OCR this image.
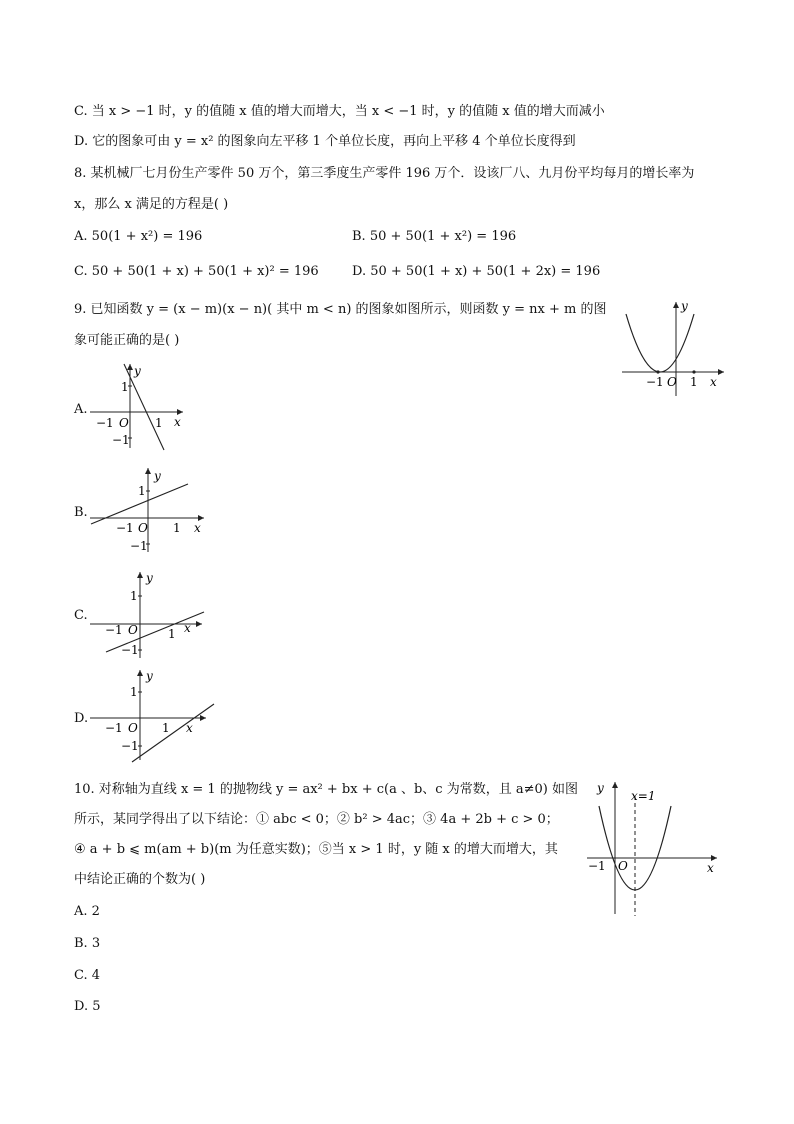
C. 当 x > −1 时，y 的值随 x 值的增大而增大，当 x < −1 时，y 的值随 x 值的增大而减小
D. 它的图象可由 y = x² 的图象向左平移 1 个单位长度，再向上平移 4 个单位长度得到
8. 某机械厂七月份生产零件 50 万个，第三季度生产零件 196 万个．设该厂八、九月份平均每月的增长率为
x，那么 x 满足的方程是( )
A. 50(1 + x²) = 196	B. 50 + 50(1 + x²) = 196
C. 50 + 50(1 + x) + 50(1 + x)² = 196	D. 50 + 50(1 + x) + 50(1 + 2x) = 196
9. 已知函数 y = (x − m)(x − n)( 其中 m < n) 的图象如图所示，则函数 y = nx + m 的图
象可能正确的是( )
y
−1 O 1 x
A.
y
1
−1 O 1 x
−1
B.
y
1
−1 O 1 x
−1
C.
y
1
−1 O	1 x
−1
D.
y
1
−1 O 1 x
−1
10. 对称轴为直线 x = 1 的抛物线 y = ax² + bx + c(a 、b、c 为常数，且 a≠0) 如图
所示，某同学得出了以下结论：① abc < 0；② b² > 4ac；③ 4a + 2b + c > 0；
④ a + b ⩽ m(am + b)(m 为任意实数)；⑤当 x > 1 时，y 随 x 的增大而增大，其
中结论正确的个数为( )
A. 2
B. 3
C. 4
D. 5
y
x=1
−1 O	x
